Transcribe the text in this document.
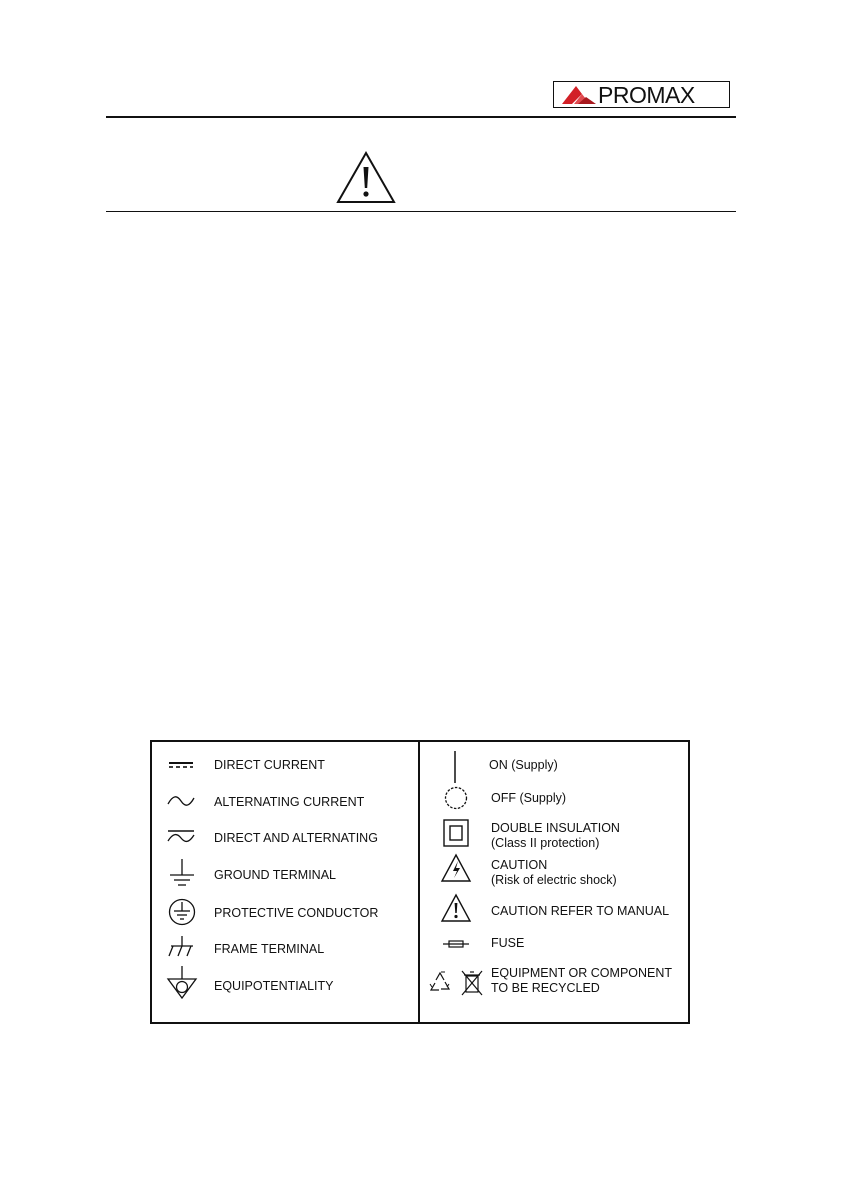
PROMAX
DIRECT CURRENT
ALTERNATING CURRENT
DIRECT AND ALTERNATING
GROUND TERMINAL
PROTECTIVE CONDUCTOR
FRAME TERMINAL
EQUIPOTENTIALITY
ON (Supply)
OFF (Supply)
DOUBLE INSULATION
(Class II protection)
CAUTION
(Risk of electric shock)
CAUTION REFER TO MANUAL
FUSE
EQUIPMENT OR COMPONENT
TO BE RECYCLED
